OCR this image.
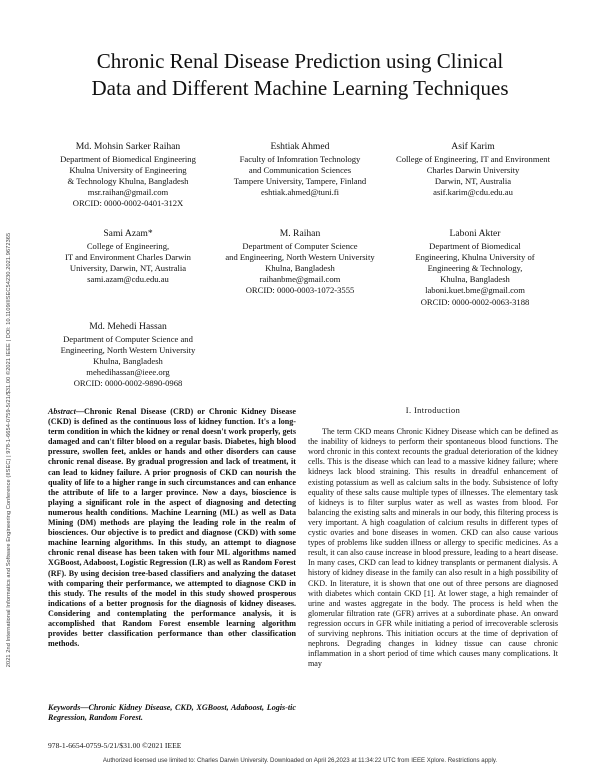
2021 2nd International Informatics and Software Engineering Conference (IISEC) | 978-1-6654-0759-5/21/$31.00 ©2021 IEEE | DOI: 10.1109/IISEC54230.2021.9672365
Chronic Renal Disease Prediction using Clinical
Data and Different Machine Learning Techniques
Md. Mohsin Sarker Raihan
Department of Biomedical Engineering
Khulna University of Engineering
& Technology Khulna, Bangladesh
msr.raihan@gmail.com
ORCID: 0000-0002-0401-312X
Eshtiak Ahmed
Faculty of Infomration Technology
and Communication Sciences
Tampere University, Tampere, Finland
eshtiak.ahmed@tuni.fi
Asif Karim
College of Engineering, IT and Environment
Charles Darwin University
Darwin, NT, Australia
asif.karim@cdu.edu.au
Sami Azam*
College of Engineering,
IT and Environment Charles Darwin
University, Darwin, NT, Australia
sami.azam@cdu.edu.au
M. Raihan
Department of Computer Science
and Engineering, North Western University
Khulna, Bangladesh
raihanbme@gmail.com
ORCID: 0000-0003-1072-3555
Laboni Akter
Department of Biomedical
Engineering, Khulna University of
Engineering & Technology,
Khulna, Bangladesh
laboni.kuet.bme@gmail.com
ORCID: 0000-0002-0063-3188
Md. Mehedi Hassan
Department of Computer Science and
Engineering, North Western University
Khulna, Bangladesh
mehedihassan@ieee.org
ORCID: 0000-0002-9890-0968

Abstract—Chronic Renal Disease (CRD) or Chronic Kidney Disease (CKD) is defined as the continuous loss of kidney function. It's a long-term condition in which the kidney or renal doesn't work properly, gets damaged and can't filter blood on a regular basis. Diabetes, high blood pressure, swollen feet, ankles or hands and other disorders can cause chronic renal disease. By gradual progression and lack of treatment, it can lead to kidney failure. A prior prognosis of CKD can nourish the quality of life to a higher range in such circumstances and can enhance the attribute of life to a larger province. Now a days, bioscience is playing a significant role in the aspect of diagnosing and detecting numerous health conditions. Machine Learning (ML) as well as Data Mining (DM) methods are playing the leading role in the realm of biosciences. Our objective is to predict and diagnose (CKD) with some machine learning algorithms. In this study, an attempt to diagnose chronic renal disease has been taken with four ML algorithms named XGBoost, Adaboost, Logistic Regression (LR) as well as Random Forest (RF). By using decision tree-based classifiers and analyzing the dataset with comparing their performance, we attempted to diagnose CKD in this study. The results of the model in this study showed prosperous indications of a better prognosis for the diagnosis of kidney diseases. Considering and contemplating the performance analysis, it is accomplished that Random Forest ensemble learning algorithm provides better classification performance than other classification methods.

Keywords—Chronic Kidney Disease, CKD, XGBoost, Adaboost, Logis-tic Regression, Random Forest.

I. Introduction

The term CKD means Chronic Kidney Disease which can be defined as the inability of kidneys to perform their spontaneous blood functions. The word chronic in this context recounts the gradual deterioration of the kidney cells. This is the disease which can lead to a massive kidney failure; where kidneys lack blood straining. This results in dreadful enhancement of existing potassium as well as calcium salts in the body. Subsistence of lofty equality of these salts cause multiple types of illnesses. The elementary task of kidneys is to filter surplus water as well as wastes from blood. For balancing the existing salts and minerals in our body, this filtering process is very important. A high coagulation of calcium results in different types of cystic ovaries and bone diseases in women. CKD can also cause various types of problems like sudden illness or allergy to specific medicines. As a result, it can also cause increase in blood pressure, leading to a heart disease. In many cases, CKD can lead to kidney transplants or permanent dialysis. A history of kidney disease in the family can also result in a high possibility of CKD. In literature, it is shown that one out of three persons are diagnosed with diabetes which contain CKD [1]. At lower stage, a high remainder of urine and wastes aggregate in the body. The process is held when the glomerular filtration rate (GFR) arrives at a subordinate phase. An onward regression occurs in GFR while initiating a period of irrecoverable sclerosis of surviving nephrons. This initiation occurs at the time of deprivation of nephrons. Degrading changes in kidney tissue can cause chronic inflammation in a short period of time which causes many complications. It may

978-1-6654-0759-5/21/$31.00 ©2021 IEEE
Authorized licensed use limited to: Charles Darwin University. Downloaded on April 26,2023 at 11:34:22 UTC from IEEE Xplore. Restrictions apply.
